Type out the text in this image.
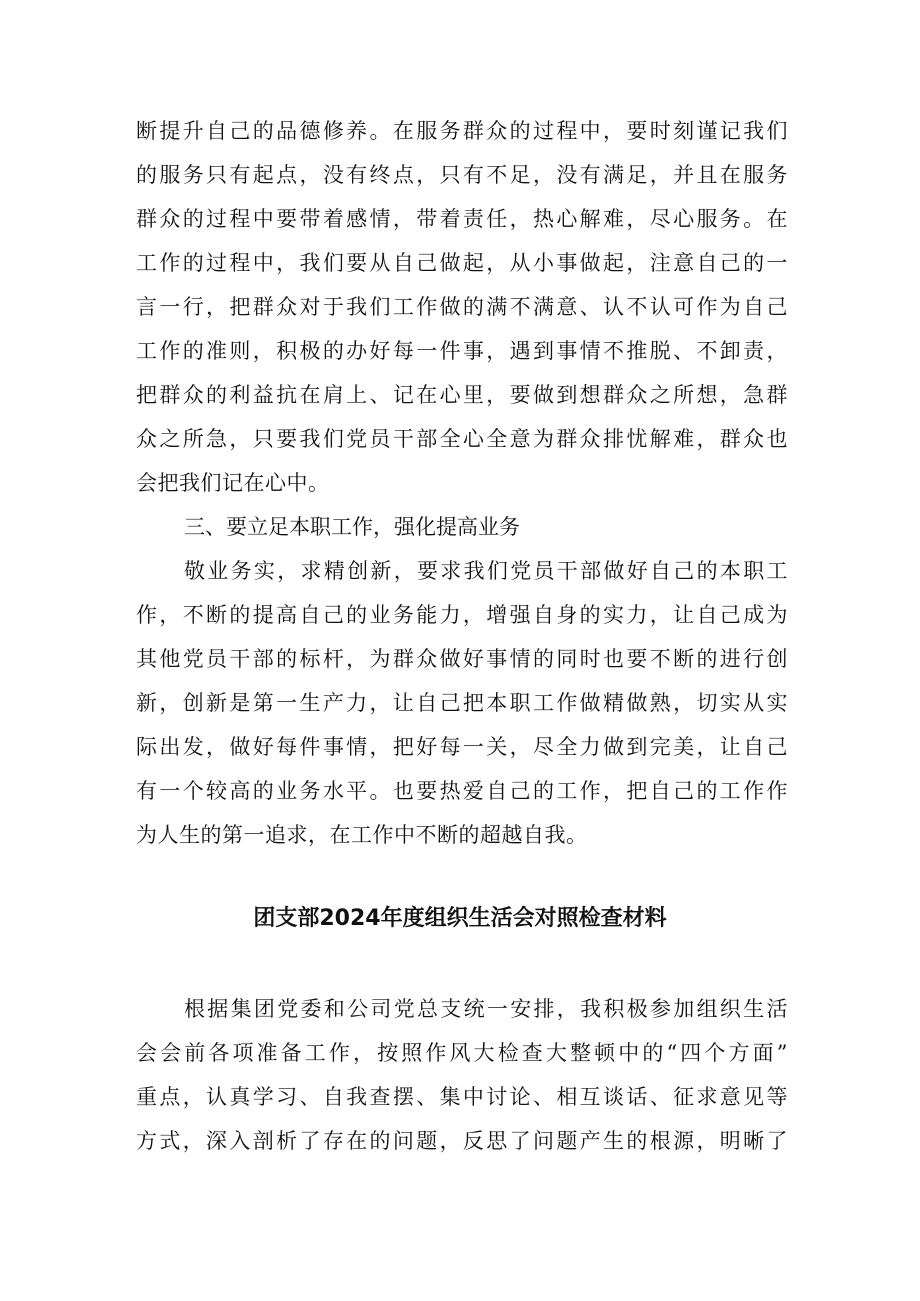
断提升自己的品德修养。在服务群众的过程中，要时刻谨记我们
的服务只有起点，没有终点，只有不足，没有满足，并且在服务
群众的过程中要带着感情，带着责任，热心解难，尽心服务。在
工作的过程中，我们要从自己做起，从小事做起，注意自己的一
言一行，把群众对于我们工作做的满不满意、认不认可作为自己
工作的准则，积极的办好每一件事，遇到事情不推脱、不卸责，
把群众的利益抗在肩上、记在心里，要做到想群众之所想，急群
众之所急，只要我们党员干部全心全意为群众排忧解难，群众也
会把我们记在心中。
三、要立足本职工作，强化提高业务
敬业务实，求精创新，要求我们党员干部做好自己的本职工
作，不断的提高自己的业务能力，增强自身的实力，让自己成为
其他党员干部的标杆，为群众做好事情的同时也要不断的进行创
新，创新是第一生产力，让自己把本职工作做精做熟，切实从实
际出发，做好每件事情，把好每一关，尽全力做到完美，让自己
有一个较高的业务水平。也要热爱自己的工作，把自己的工作作
为人生的第一追求，在工作中不断的超越自我。
团支部2024年度组织生活会对照检查材料
根据集团党委和公司党总支统一安排，我积极参加组织生活
会会前各项准备工作，按照作风大检查大整顿中的“四个方面”
重点，认真学习、自我查摆、集中讨论、相互谈话、征求意见等
方式，深入剖析了存在的问题，反思了问题产生的根源，明晰了
